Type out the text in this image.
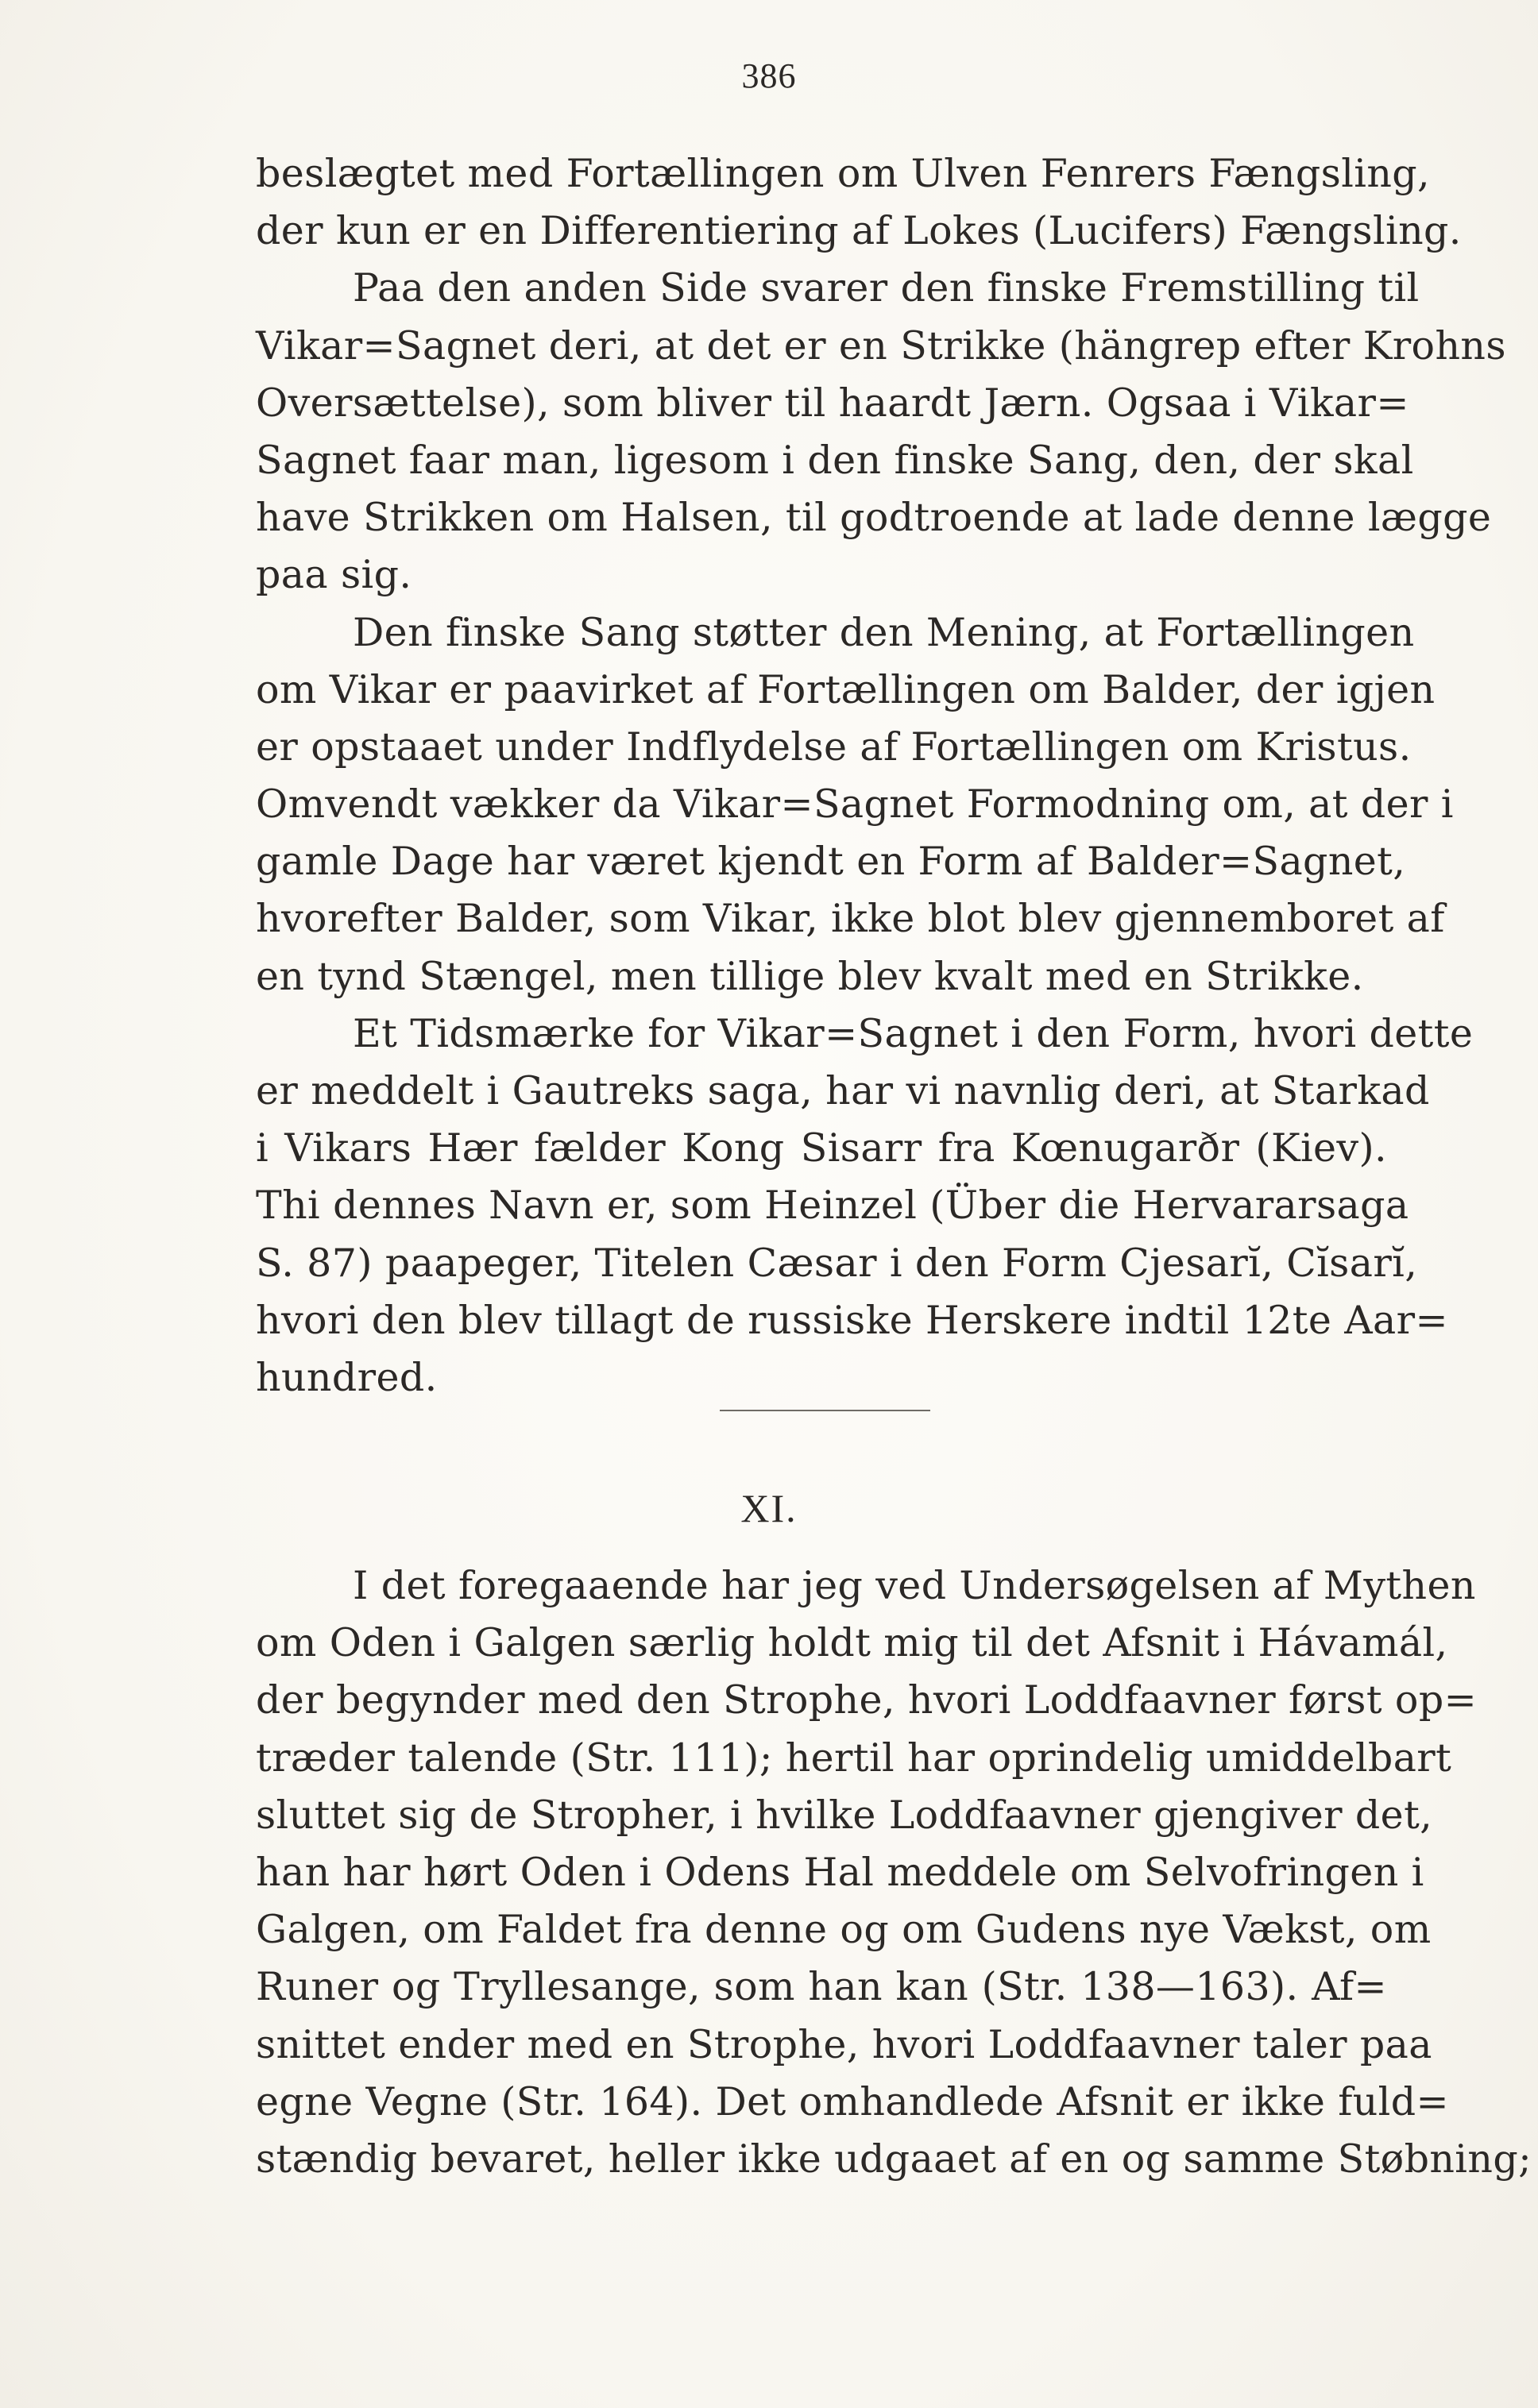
386
beslægtet med Fortællingen om Ulven Fenrers Fængsling,
der kun er en Differentiering af Lokes (Lucifers) Fængsling.
Paa den anden Side svarer den finske Fremstilling til
Vikar=Sagnet deri, at det er en Strikke (hängrep efter Krohns
Oversættelse), som bliver til haardt Jærn. Ogsaa i Vikar=
Sagnet faar man, ligesom i den finske Sang, den, der skal
have Strikken om Halsen, til godtroende at lade denne lægge
paa sig.
Den finske Sang støtter den Mening, at Fortællingen
om Vikar er paavirket af Fortællingen om Balder, der igjen
er opstaaet under Indflydelse af Fortællingen om Kristus.
Omvendt vækker da Vikar=Sagnet Formodning om, at der i
gamle Dage har været kjendt en Form af Balder=Sagnet,
hvorefter Balder, som Vikar, ikke blot blev gjennemboret af
en tynd Stængel, men tillige blev kvalt med en Strikke.
Et Tidsmærke for Vikar=Sagnet i den Form, hvori dette
er meddelt i Gautreks saga, har vi navnlig deri, at Starkad
i Vikars Hær fælder Kong Sisarr fra Kœnugarðr (Kiev).
Thi dennes Navn er, som Heinzel (Über die Hervararsaga
S. 87) paapeger, Titelen Cæsar i den Form Cjesarĭ, Cĭsarĭ,
hvori den blev tillagt de russiske Herskere indtil 12te Aar=
hundred.
XI.
I det foregaaende har jeg ved Undersøgelsen af Mythen
om Oden i Galgen særlig holdt mig til det Afsnit i Hávamál,
der begynder med den Strophe, hvori Loddfaavner først op=
træder talende (Str. 111); hertil har oprindelig umiddelbart
sluttet sig de Stropher, i hvilke Loddfaavner gjengiver det,
han har hørt Oden i Odens Hal meddele om Selvofringen i
Galgen, om Faldet fra denne og om Gudens nye Vækst, om
Runer og Tryllesange, som han kan (Str. 138—163). Af=
snittet ender med en Strophe, hvori Loddfaavner taler paa
egne Vegne (Str. 164). Det omhandlede Afsnit er ikke fuld=
stændig bevaret, heller ikke udgaaet af en og samme Støbning;
